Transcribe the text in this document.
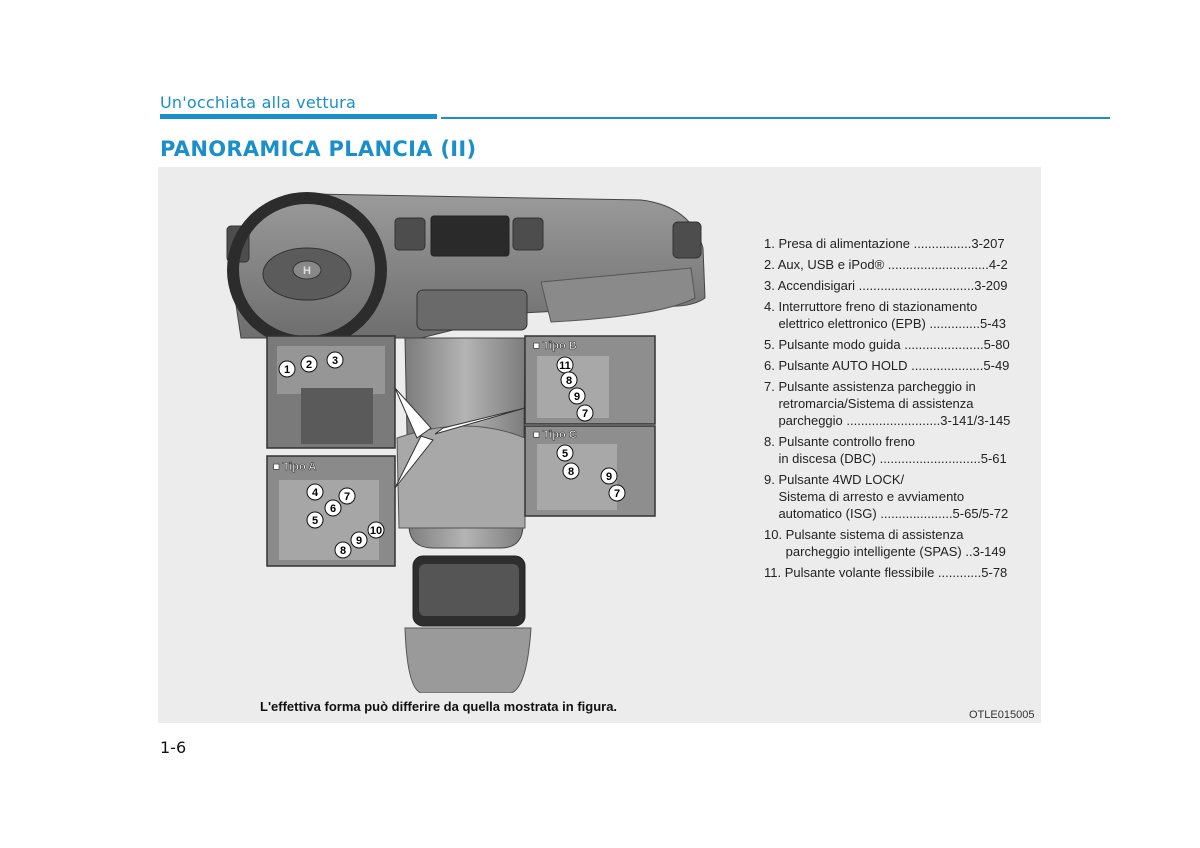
Un'occhiata alla vettura
PANORAMICA PLANCIA (II)
H
1 2 3
■ Tipo A
4 7
6
5
10
9
8
■ Tipo B
11
8
9
7
■ Tipo C
5
8	9
7
1. Presa di alimentazione ................3-207
2. Aux, USB e iPod® ............................4-2
3. Accendisigari ................................3-209
4. Interruttore freno di stazionamento
elettrico elettronico (EPB) ..............5-43
5. Pulsante modo guida ......................5-80
6. Pulsante AUTO HOLD ....................5-49
7. Pulsante assistenza parcheggio in
retromarcia/Sistema di assistenza
parcheggio ..........................3-141/3-145
8. Pulsante controllo freno
in discesa (DBC) ............................5-61
9. Pulsante 4WD LOCK/
Sistema di arresto e avviamento
automatico (ISG) ....................5-65/5-72
10. Pulsante sistema di assistenza
parcheggio intelligente (SPAS) ..3-149
11. Pulsante volante flessibile ............5-78
L'effettiva forma può differire da quella mostrata in figura.
OTLE015005
1-6
